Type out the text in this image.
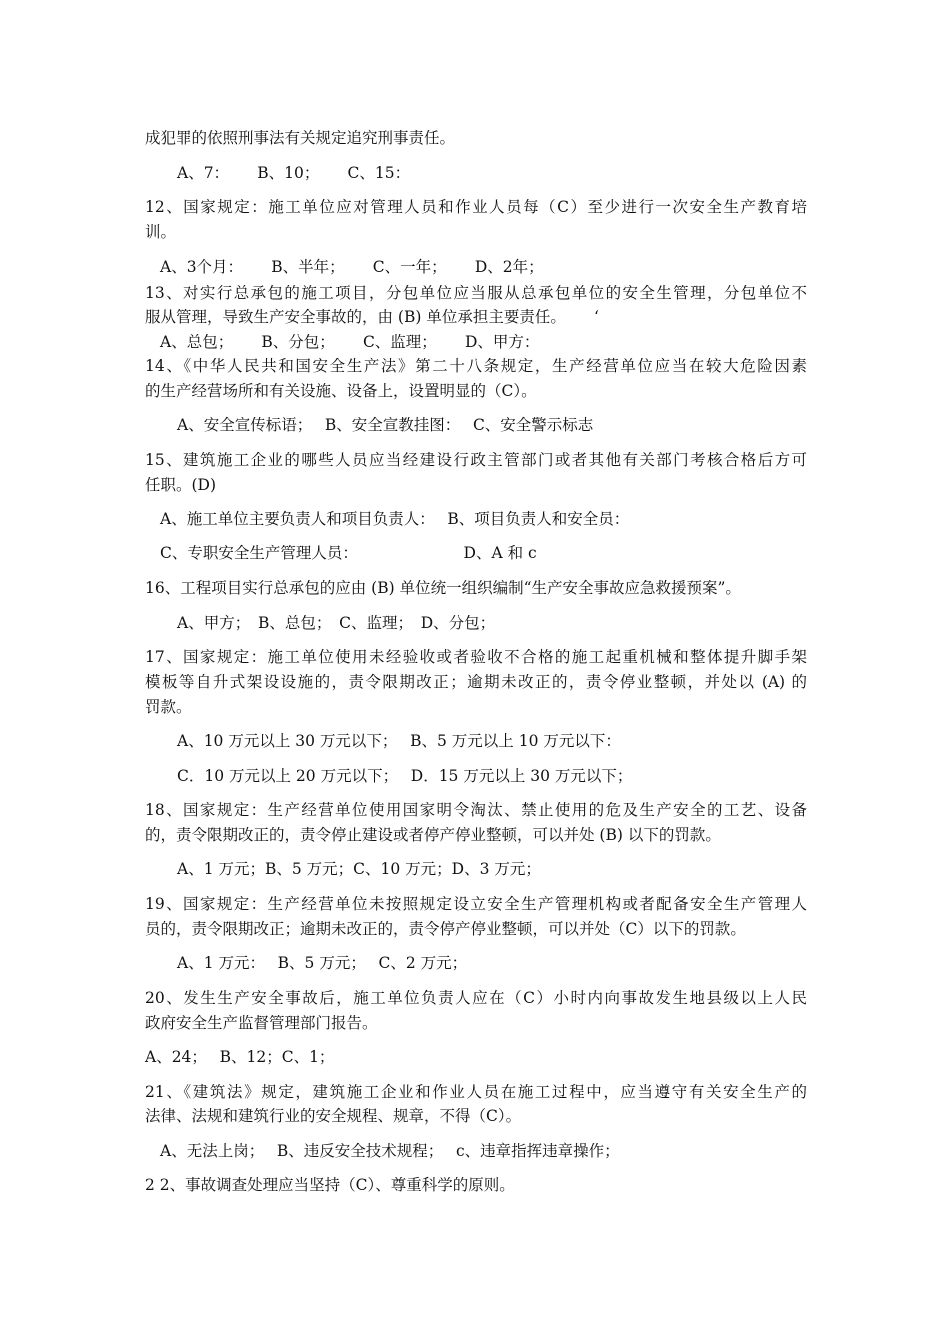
成犯罪的依照刑事法有关规定追究刑事责任。
A、7：　　 B、10；　　 C、15：
12、国家规定：施工单位应对管理人员和作业人员每（C）至少进行一次安全生产教育培
训。
A、3个月：　　 B、半年；　　 C、一年；　　 D、2年；
13、对实行总承包的施工项目，分包单位应当服从总承包单位的安全生管理，分包单位不
服从管理，导致生产安全事故的，由 (B) 单位承担主要责任。　　 ‘
A、总包；　　 B、分包；　　 C、监理；　　 D、甲方：
14、《中华人民共和国安全生产法》第二十八条规定，生产经营单位应当在较大危险因素
的生产经营场所和有关设施、设备上，设置明显的（C）。
A、安全宣传标语；　 B、安全宣教挂图：　 C、安全警示标志
15、建筑施工企业的哪些人员应当经建设行政主管部门或者其他有关部门考核合格后方可
任职。(D)
A、施工单位主要负责人和项目负责人：　 B、项目负责人和安全员：
C、专职安全生产管理人员：　　　　　　　 D、A 和 c
16、工程项目实行总承包的应由 (B) 单位统一组织编制“生产安全事故应急救援预案”。
A、甲方；　B、总包；　C、监理；　D、分包；
17、国家规定：施工单位使用未经验收或者验收不合格的施工起重机械和整体提升脚手架
模板等自升式架设设施的，责令限期改正；逾期未改正的，责令停业整顿，并处以 (A) 的
罚款。
A、10 万元以上 30 万元以下；　 B、5 万元以上 10 万元以下：
C．10 万元以上 20 万元以下；　 D．15 万元以上 30 万元以下；
18、国家规定：生产经营单位使用国家明令淘汰、禁止使用的危及生产安全的工艺、设备
的，责令限期改正的，责令停止建设或者停产停业整顿，可以并处 (B) 以下的罚款。
A、1 万元；B、5 万元；C、10 万元；D、3 万元；
19、国家规定：生产经营单位未按照规定设立安全生产管理机构或者配备安全生产管理人
员的，责令限期改正；逾期未改正的，责令停产停业整顿，可以并处（C）以下的罚款。
A、1 万元：　 B、5 万元；　 C、2 万元；
20、发生生产安全事故后，施工单位负责人应在（C）小时内向事故发生地县级以上人民
政府安全生产监督管理部门报告。
A、24；　 B、12；C、1；
21、《建筑法》规定，建筑施工企业和作业人员在施工过程中，应当遵守有关安全生产的
法律、法规和建筑行业的安全规程、规章，不得（C）。
A、无法上岗；　 B、违反安全技术规程；　 c、违章指挥违章操作；
2 2、事故调查处理应当坚持（C）、尊重科学的原则。
